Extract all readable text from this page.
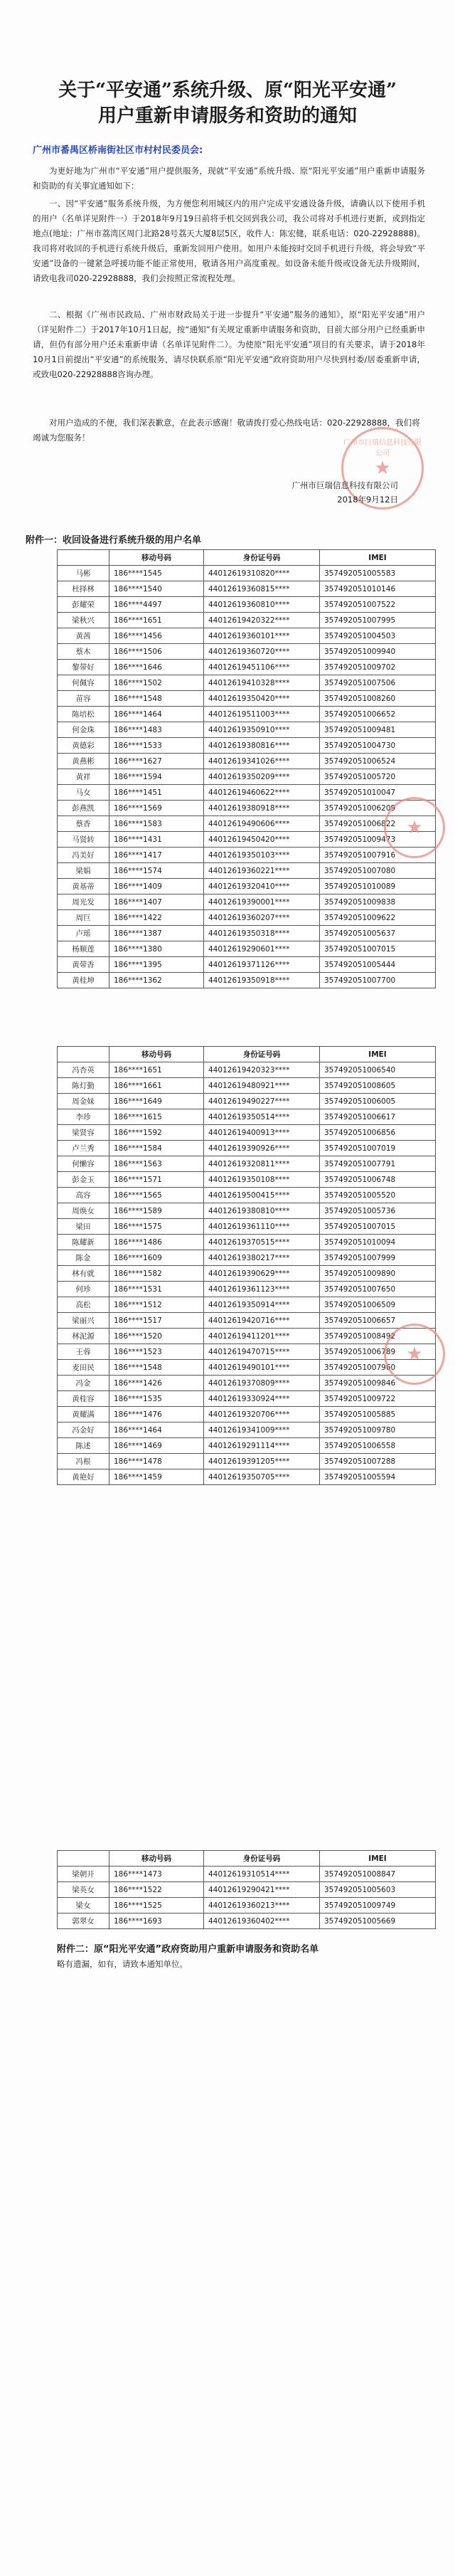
关于“平安通”系统升级、原“阳光平安通”
用户重新申请服务和资助的通知
广州市番禺区桥南街社区市村村民委员会:

为更好地为广州市“平安通”用户提供服务，现就“平安通”系统升级、原“阳光平安通”用户重新申请服务和资助的有关事宜通知如下：

一、因“平安通”服务系统升级，为方便您利用城区内的用户完成平安通设备升级，请确认以下使用手机的用户（名单详见附件一）于2018年9月19日前将手机交回到我公司，我公司将对手机进行更新，或到指定地点(地址：广州市荔湾区周门北路28号荔天大厦8层5区，收件人：陈宏健，联系电话：020-22928888)。我司将对收回的手机进行系统升级后，重新发回用户使用。如用户未能按时交回手机进行升级，将会导致“平安通”设备的一键紧急呼援功能不能正常使用，敬请各用户高度重视。如设备未能升级或设备无法升级期间，请致电我司020-22928888，我们会按照正常流程处理。

二、根据《广州市民政局、广州市财政局关于进一步提升“平安通”服务的通知》，原“阳光平安通”用户（详见附件二）于2017年10月1日起，按“通知”有关规定重新申请服务和资助，目前大部分用户已经重新申请，但仍有部分用户还未重新申请（名单详见附件二）。为使原“阳光平安通”项目的有关要求，请于2018年10月1日前提出“平安通”的系统服务，请尽快联系原“阳光平安通”政府资助用户尽快到村委/居委重新申请，或致电020-22928888咨询办理。

对用户造成的不便，我们深表歉意，在此表示感谢！敬请拨打爱心热线电话：020-22928888，我们将竭诚为您服务！

广州市巨瑞信息科技有限公司
★
广州市巨瑞信息科技有限公司
2018年9月12日
附件一：收回设备进行系统升级的用户名单
	移动号码	身份证号码	IMEI
马彬	186****1545	44012619310820****	357492051005583
杜择林	186****1540	44012619360815****	357492051010146
彭耀荣	186****4497	44012619360810****	357492051007522
梁秋兴	186****1651	44012619420322****	357492051007995
黄茜	186****1456	44012619360101****	357492051004503
蔡木	186****1506	44012619360720****	357492051009940
黎带好	186****1646	44012619451106****	357492051009702
何佩容	186****1502	44012619410328****	357492051007506
苗容	186****1548	44012619350420****	357492051008260
陈培松	186****1464	44012619511003****	357492051006652
何金珠	186****1483	44012619350910****	357492051009481
黄德彩	186****1533	44012619380816****	357492051004730
黄燕彬	186****1627	44012619341026****	357492051006524
黄祥	186****1594	44012619350209****	357492051005720
马女	186****1451	44012619460622****	357492051010047
彭燕凯	186****1569	44012619380918****	357492051006209
蔡香	186****1583	44012619490606****	357492051006822
马贤转	186****1431	44012619450420****	357492051009473
冯美好	186****1417	44012619350103****	357492051007916
梁娟	186****1574	44012619360221****	357492051007080
黄基蒂	186****1409	44012619320410****	357492051010089
周光发	186****1407	44012619390001****	357492051009838
周巨	186****1422	44012619360207****	357492051009622
卢瑶	186****1387	44012619350318****	357492051005637
杨顺莲	186****1380	44012619290601****	357492051007015
黄带香	186****1395	44012619371126****	357492051005444
黄桂坤	186****1362	44012619350918****	357492051007700
★
	移动号码	身份证号码	IMEI
冯杏英	186****1651	44012619420323****	357492051006540
陈灯勤	186****1661	44012619480921****	357492051008605
周金妹	186****1649	44012619490227****	357492051006005
李珍	186****1615	44012619350514****	357492051006617
梁贤容	186****1592	44012619400913****	357492051006856
卢兰秀	186****1584	44012619390926****	357492051007019
何懒容	186****1563	44012619320811****	357492051007791
彭金玉	186****1571	44012619350108****	357492051006748
高容	186****1565	44012619500415****	357492051005520
周焕女	186****1589	44012619380810****	357492051005736
梁田	186****1575	44012619361110****	357492051007015
陈耀新	186****1486	44012619370515****	357492051010094
陈金	186****1609	44012619380217****	357492051007999
林有就	186****1582	44012619390629****	357492051009890
何珍	186****1531	44012619361123****	357492051007650
高松	186****1512	44012619350914****	357492051006509
梁丽兴	186****1517	44012619420716****	357492051006657
林泥源	186****1520	44012619411201****	357492051008492
王蓉	186****1523	44012619470715****	357492051006789
麦田民	186****1548	44012619490101****	357492051007960
冯金	186****1426	44012619370809****	357492051009846
黄桂容	186****1535	44012619330924****	357492051009722
黄耀满	186****1476	44012619320706****	357492051005885
冯金好	186****1464	44012619341009****	357492051009780
陈述	186****1469	44012619291114****	357492051006558
冯根	186****1478	44012619391205****	357492051007288
黄艳好	186****1459	44012619350705****	357492051005594
★
	移动号码	身份证号码	IMEI
梁朝开	186****1473	44012619310514****	357492051008847
梁英女	186****1522	44012619290421****	357492051005603
梁女	186****1525	44012619360213****	357492051009749
郭翠女	186****1693	44012619360402****	357492051005669
附件二：原“阳光平安通”政府资助用户重新申请服务和资助名单
略有遗漏，如有，请致本通知单位。
